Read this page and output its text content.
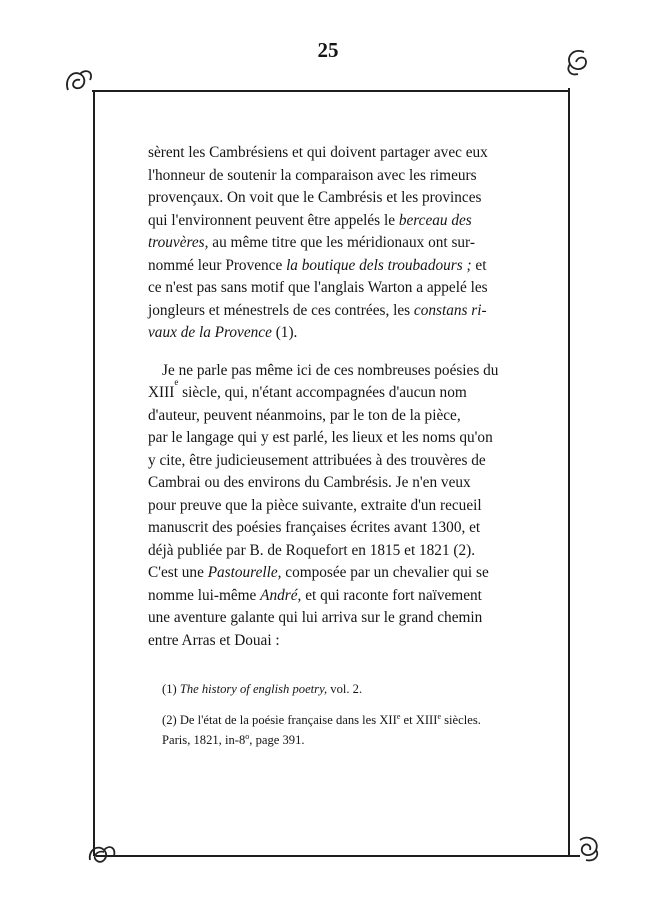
25
sèrent les Cambrésiens et qui doivent partager avec eux
l'honneur de soutenir la comparaison avec les rimeurs
provençaux. On voit que le Cambrésis et les provinces
qui l'environnent peuvent être appelés le berceau des
trouvères, au même titre que les méridionaux ont sur-
nommé leur Provence la boutique dels troubadours ; et
ce n'est pas sans motif que l'anglais Warton a appelé les
jongleurs et ménestrels de ces contrées, les constans ri-
vaux de la Provence (1).
Je ne parle pas même ici de ces nombreuses poésies du
XIII
e
siècle, qui, n'étant accompagnées d'aucun nom
d'auteur, peuvent néanmoins, par le ton de la pièce,
par le langage qui y est parlé, les lieux et les noms qu'on
y cite, être judicieusement attribuées à des trouvères de
Cambrai ou des environs du Cambrésis. Je n'en veux
pour preuve que la pièce suivante, extraite d'un recueil
manuscrit des poésies françaises écrites avant 1300, et
déjà publiée par B. de Roquefort en 1815 et 1821 (2).
C'est une Pastourelle, composée par un chevalier qui se
nomme lui-même André, et qui raconte fort naïvement
une aventure galante qui lui arriva sur le grand chemin
entre Arras et Douai :
(1) The history of english poetry, vol. 2.
(2) De l'état de la poésie française dans les XIIe et XIIIe siècles.
Paris, 1821, in-8$^o$, page 391.
